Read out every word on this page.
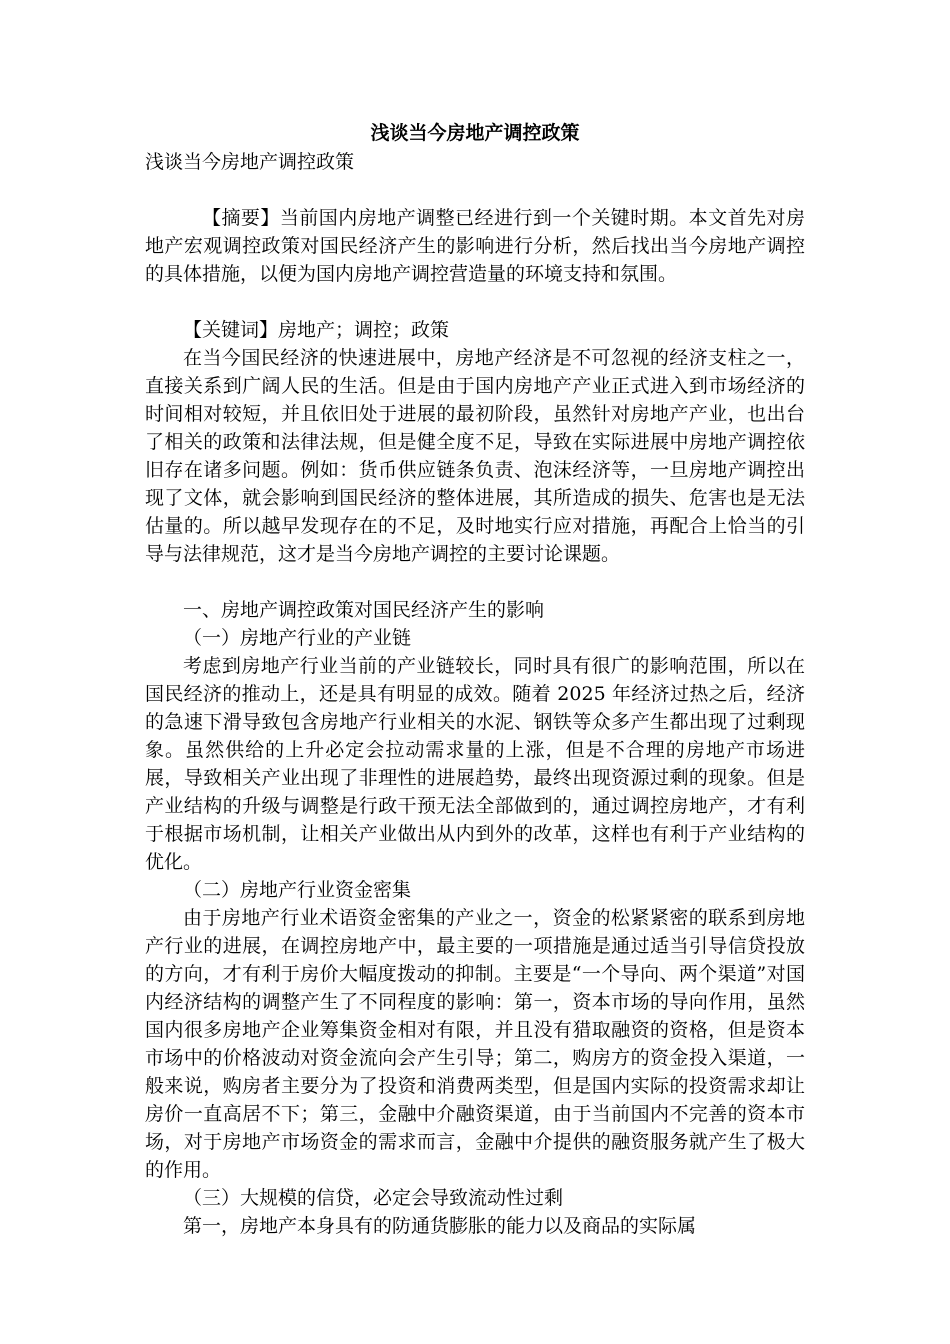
浅谈当今房地产调控政策

浅谈当今房地产调控政策

【摘要】当前国内房地产调整已经进行到一个关键时期。本文首先对房地产宏观调控政策对国民经济产生的影响进行分析，然后找出当今房地产调控的具体措施，以便为国内房地产调控营造量的环境支持和氛围。

【关键词】房地产；调控；政策

在当今国民经济的快速进展中，房地产经济是不可忽视的经济支柱之一，直接关系到广阔人民的生活。但是由于国内房地产产业正式进入到市场经济的时间相对较短，并且依旧处于进展的最初阶段，虽然针对房地产产业，也出台了相关的政策和法律法规，但是健全度不足，导致在实际进展中房地产调控依旧存在诸多问题。例如：货币供应链条负责、泡沫经济等，一旦房地产调控出现了文体，就会影响到国民经济的整体进展，其所造成的损失、危害也是无法估量的。所以越早发现存在的不足，及时地实行应对措施，再配合上恰当的引导与法律规范，这才是当今房地产调控的主要讨论课题。

一、房地产调控政策对国民经济产生的影响

（一）房地产行业的产业链

考虑到房地产行业当前的产业链较长，同时具有很广的影响范围，所以在国民经济的推动上，还是具有明显的成效。随着 2025 年经济过热之后，经济的急速下滑导致包含房地产行业相关的水泥、钢铁等众多产生都出现了过剩现象。虽然供给的上升必定会拉动需求量的上涨，但是不合理的房地产市场进展，导致相关产业出现了非理性的进展趋势，最终出现资源过剩的现象。但是产业结构的升级与调整是行政干预无法全部做到的，通过调控房地产，才有利于根据市场机制，让相关产业做出从内到外的改革，这样也有利于产业结构的优化。

（二）房地产行业资金密集

由于房地产行业术语资金密集的产业之一，资金的松紧紧密的联系到房地产行业的进展，在调控房地产中，最主要的一项措施是通过适当引导信贷投放的方向，才有利于房价大幅度拨动的抑制。主要是“一个导向、两个渠道”对国内经济结构的调整产生了不同程度的影响：第一，资本市场的导向作用，虽然国内很多房地产企业筹集资金相对有限，并且没有猎取融资的资格，但是资本市场中的价格波动对资金流向会产生引导；第二，购房方的资金投入渠道，一般来说，购房者主要分为了投资和消费两类型，但是国内实际的投资需求却让房价一直高居不下；第三，金融中介融资渠道，由于当前国内不完善的资本市场，对于房地产市场资金的需求而言，金融中介提供的融资服务就产生了极大的作用。

（三）大规模的信贷，必定会导致流动性过剩

第一，房地产本身具有的防通货膨胀的能力以及商品的实际属
